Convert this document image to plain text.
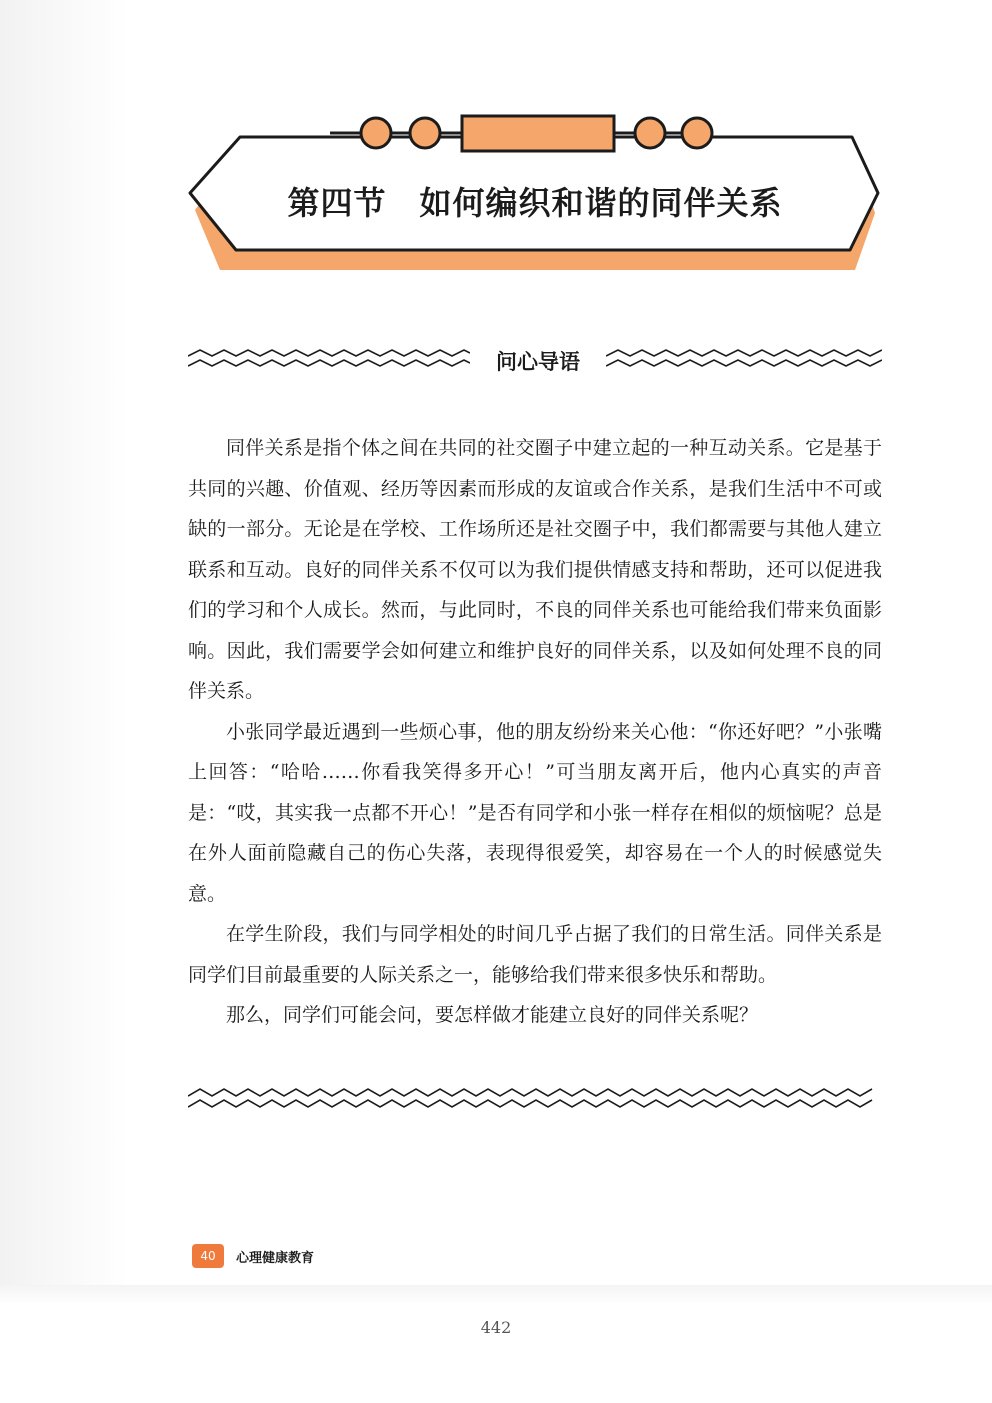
第四节　如何编织和谐的同伴关系
问心导语

同伴关系是指个体之间在共同的社交圈子中建立起的一种互动关系。它是基于共同的兴趣、价值观、经历等因素而形成的友谊或合作关系，是我们生活中不可或缺的一部分。无论是在学校、工作场所还是社交圈子中，我们都需要与其他人建立联系和互动。良好的同伴关系不仅可以为我们提供情感支持和帮助，还可以促进我们的学习和个人成长。然而，与此同时，不良的同伴关系也可能给我们带来负面影响。因此，我们需要学会如何建立和维护良好的同伴关系，以及如何处理不良的同伴关系。

小张同学最近遇到一些烦心事，他的朋友纷纷来关心他：“你还好吧？”小张嘴上回答：“哈哈……你看我笑得多开心！”可当朋友离开后，他内心真实的声音是：“哎，其实我一点都不开心！”是否有同学和小张一样存在相似的烦恼呢？总是在外人面前隐藏自己的伤心失落，表现得很爱笑，却容易在一个人的时候感觉失意。

在学生阶段，我们与同学相处的时间几乎占据了我们的日常生活。同伴关系是同学们目前最重要的人际关系之一，能够给我们带来很多快乐和帮助。

那么，同学们可能会问，要怎样做才能建立良好的同伴关系呢？

40	心理健康教育
442
